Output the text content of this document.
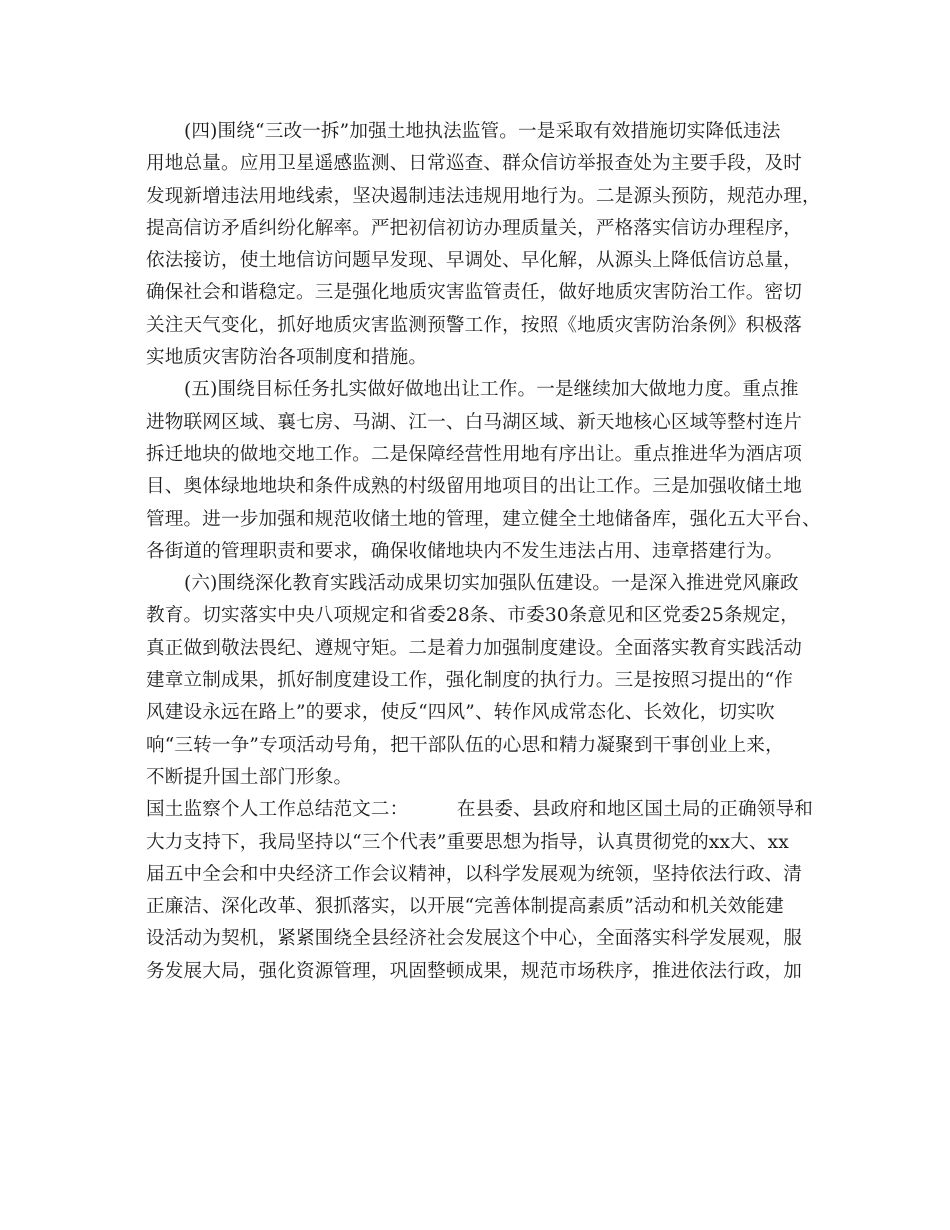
(四)围绕“三改一拆”加强土地执法监管。一是采取有效措施切实降低违法
用地总量。应用卫星遥感监测、日常巡查、群众信访举报查处为主要手段，及时
发现新增违法用地线索，坚决遏制违法违规用地行为。二是源头预防，规范办理，
提高信访矛盾纠纷化解率。严把初信初访办理质量关，严格落实信访办理程序，
依法接访，使土地信访问题早发现、早调处、早化解，从源头上降低信访总量，
确保社会和谐稳定。三是强化地质灾害监管责任，做好地质灾害防治工作。密切
关注天气变化，抓好地质灾害监测预警工作，按照《地质灾害防治条例》积极落
实地质灾害防治各项制度和措施。
(五)围绕目标任务扎实做好做地出让工作。一是继续加大做地力度。重点推
进物联网区域、襄七房、马湖、江一、白马湖区域、新天地核心区域等整村连片
拆迁地块的做地交地工作。二是保障经营性用地有序出让。重点推进华为酒店项
目、奥体绿地地块和条件成熟的村级留用地项目的出让工作。三是加强收储土地
管理。进一步加强和规范收储土地的管理，建立健全土地储备库，强化五大平台、
各街道的管理职责和要求，确保收储地块内不发生违法占用、违章搭建行为。
(六)围绕深化教育实践活动成果切实加强队伍建设。一是深入推进党风廉政
教育。切实落实中央八项规定和省委28条、市委30条意见和区党委25条规定，
真正做到敬法畏纪、遵规守矩。二是着力加强制度建设。全面落实教育实践活动
建章立制成果，抓好制度建设工作，强化制度的执行力。三是按照习提出的“作
风建设永远在路上”的要求，使反“四风”、转作风成常态化、长效化，切实吹
响“三转一争”专项活动号角，把干部队伍的心思和精力凝聚到干事创业上来，
不断提升国土部门形象。
国土监察个人工作总结范文二：        在县委、县政府和地区国土局的正确领导和
大力支持下，我局坚持以“三个代表”重要思想为指导，认真贯彻党的xx大、xx
届五中全会和中央经济工作会议精神，以科学发展观为统领，坚持依法行政、清
正廉洁、深化改革、狠抓落实，以开展“完善体制提高素质”活动和机关效能建
设活动为契机，紧紧围绕全县经济社会发展这个中心，全面落实科学发展观，服
务发展大局，强化资源管理，巩固整顿成果，规范市场秩序，推进依法行政，加
